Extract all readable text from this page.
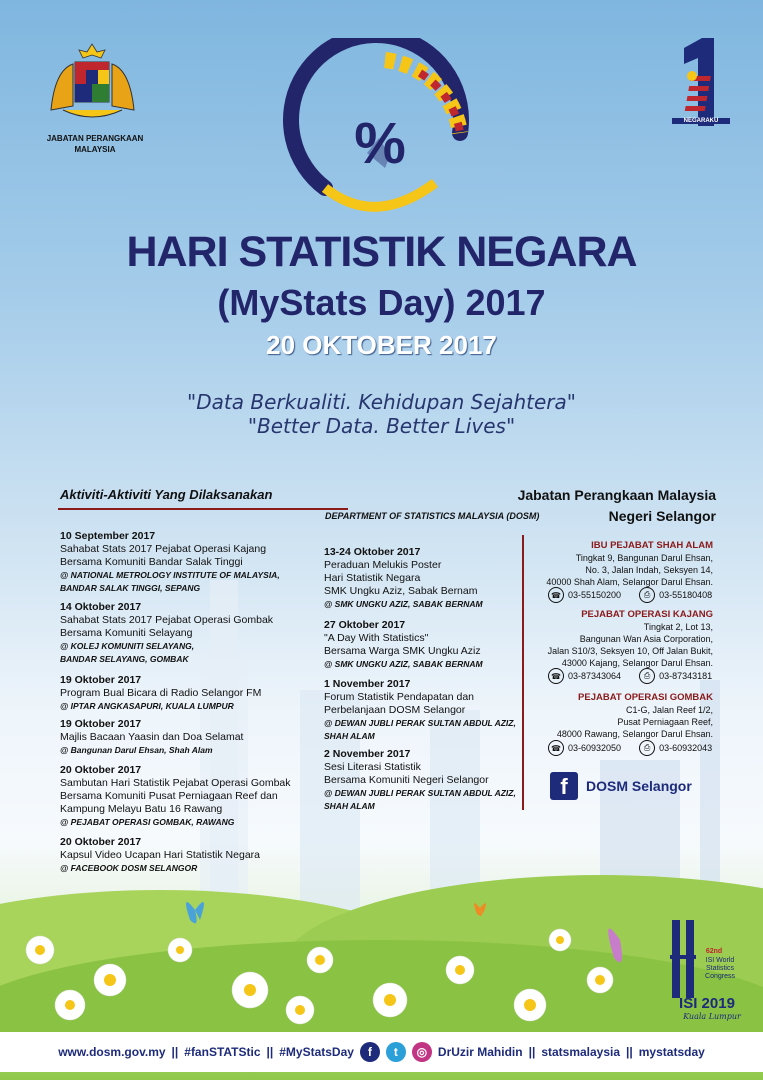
JABATAN PERANGKAAN
MALAYSIA
NEGARAKU
%
HARI STATISTIK NEGARA
(MyStats Day) 2017
20 OKTOBER 2017
"Data Berkualiti. Kehidupan Sejahtera"
"Better Data. Better Lives"
Aktiviti-Aktiviti Yang Dilaksanakan	Jabatan Perangkaan Malaysia
DEPARTMENT OF STATISTICS MALAYSIA (DOSM)	Negeri Selangor
10 September 2017
Sahabat Stats 2017 Pejabat Operasi Kajang
Bersama Komuniti Bandar Salak Tinggi
@ NATIONAL METROLOGY INSTITUTE OF MALAYSIA,
BANDAR SALAK TINGGI, SEPANG
14 Oktober 2017
Sahabat Stats 2017 Pejabat Operasi Gombak
Bersama Komuniti Selayang
@ KOLEJ KOMUNITI SELAYANG,
BANDAR SELAYANG, GOMBAK
19 Oktober 2017
Program Bual Bicara di Radio Selangor FM
@ IPTAR ANGKASAPURI, KUALA LUMPUR
19 Oktober 2017
Majlis Bacaan Yaasin dan Doa Selamat
@ Bangunan Darul Ehsan, Shah Alam
20 Oktober 2017
Sambutan Hari Statistik Pejabat Operasi Gombak
Bersama Komuniti Pusat Perniagaan Reef dan
Kampung Melayu Batu 16 Rawang
@ PEJABAT OPERASI GOMBAK, RAWANG
20 Oktober 2017
Kapsul Video Ucapan Hari Statistik Negara
@ FACEBOOK DOSM SELANGOR
13-24 Oktober 2017
Peraduan Melukis Poster
Hari Statistik Negara
SMK Ungku Aziz, Sabak Bernam
@ SMK UNGKU AZIZ, SABAK BERNAM
27 Oktober 2017
"A Day With Statistics"
Bersama Warga SMK Ungku Aziz
@ SMK UNGKU AZIZ, SABAK BERNAM
1 November 2017
Forum Statistik Pendapatan dan
Perbelanjaan DOSM Selangor
@ DEWAN JUBLI PERAK SULTAN ABDUL AZIZ,
SHAH ALAM
2 November 2017
Sesi Literasi Statistik
Bersama Komuniti Negeri Selangor
@ DEWAN JUBLI PERAK SULTAN ABDUL AZIZ,
SHAH ALAM
IBU PEJABAT SHAH ALAM
Tingkat 9, Bangunan Darul Ehsan,
No. 3, Jalan Indah, Seksyen 14,
40000 Shah Alam, Selangor Darul Ehsan.
☎ 03-55150200	⎙ 03-55180408
PEJABAT OPERASI KAJANG
Tingkat 2, Lot 13,
Bangunan Wan Asia Corporation,
Jalan S10/3, Seksyen 10, Off Jalan Bukit,
43000 Kajang, Selangor Darul Ehsan.
☎ 03-87343064	⎙ 03-87343181
PEJABAT OPERASI GOMBAK
C1-G, Jalan Reef 1/2,
Pusat Perniagaan Reef,
48000 Rawang, Selangor Darul Ehsan.
☎ 03-60932050	⎙ 03-60932043
f	DOSM Selangor
62nd
ISI World
Statistics
Congress
ISI 2019
Kuala Lumpur
www.dosm.gov.my || #fanSTATStic || #MyStatsDay	f	t	◎ DrUzir Mahidin || statsmalaysia || mystatsday
